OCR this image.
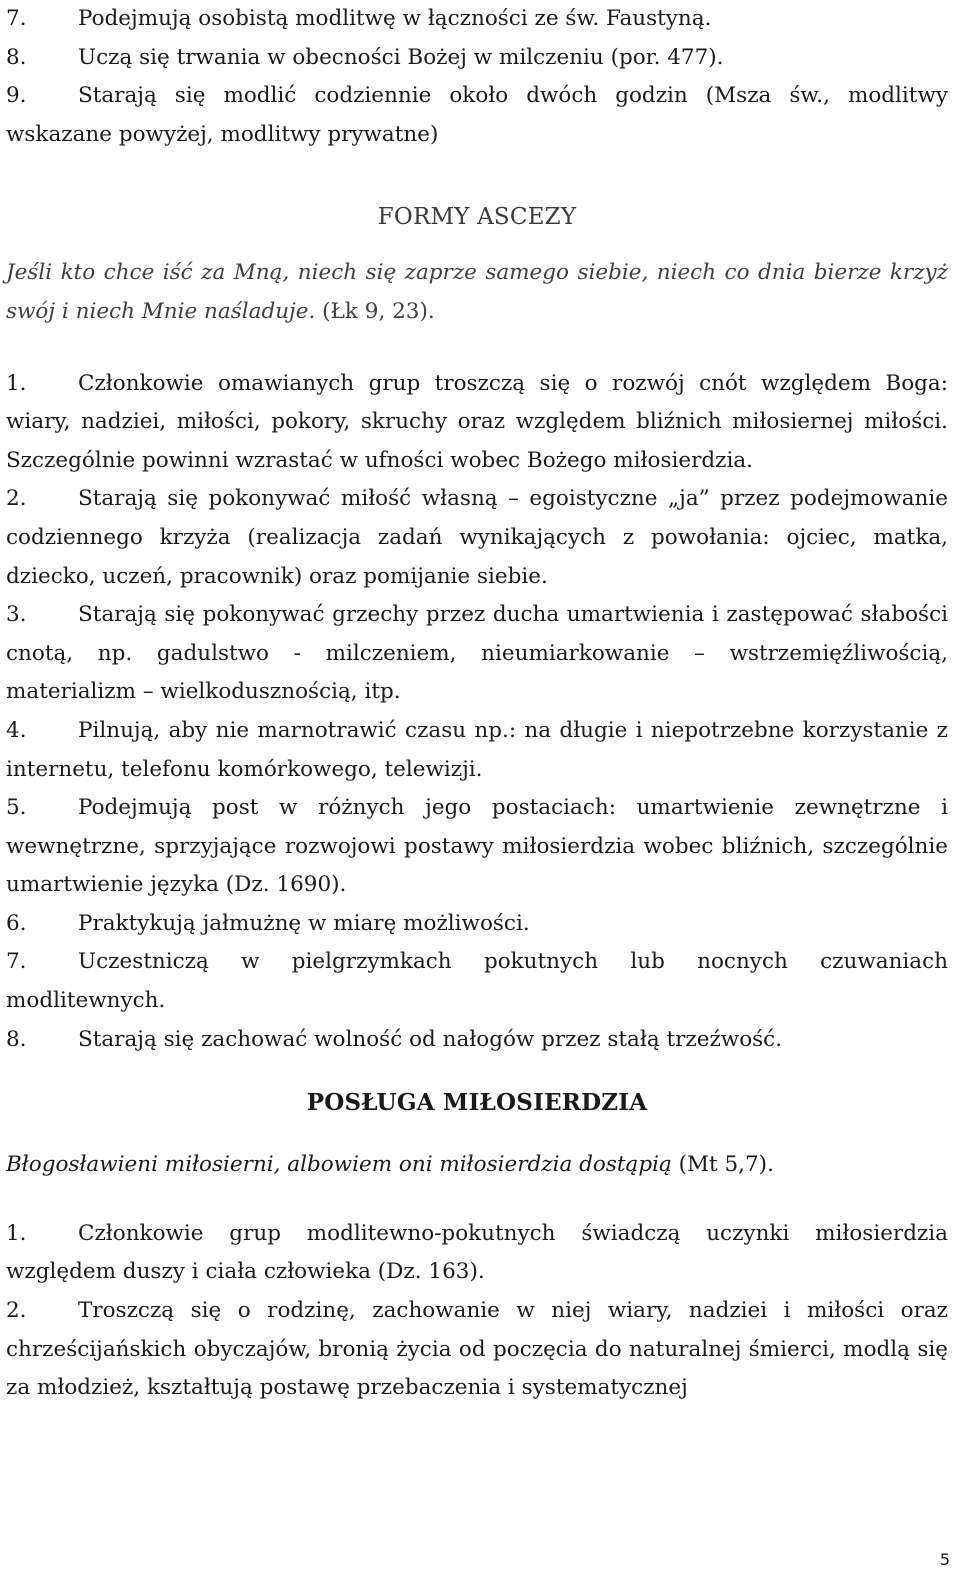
7. Podejmują osobistą modlitwę w łączności ze św. Faustyną.

8. Uczą się trwania w obecności Bożej w milczeniu (por. 477).

9. Starają się modlić codziennie około dwóch godzin (Msza św., modlitwy wskazane powyżej, modlitwy prywatne)

FORMY ASCEZY

Jeśli kto chce iść za Mną, niech się zaprze samego siebie, niech co dnia bierze krzyż swój i niech Mnie naśladuje. (Łk 9, 23).

1. Członkowie omawianych grup troszczą się o rozwój cnót względem Boga: wiary, nadziei, miłości, pokory, skruchy oraz względem bliźnich miłosiernej miłości. Szczególnie powinni wzrastać w ufności wobec Bożego miłosierdzia.

2. Starają się pokonywać miłość własną – egoistyczne „ja” przez podejmowanie codziennego krzyża (realizacja zadań wynikających z powołania: ojciec, matka, dziecko, uczeń, pracownik) oraz pomijanie siebie.

3. Starają się pokonywać grzechy przez ducha umartwienia i zastępować słabości cnotą, np. gadulstwo - milczeniem, nieumiarkowanie – wstrzemięźliwością, materializm – wielkodusznością, itp.

4. Pilnują, aby nie marnotrawić czasu np.: na długie i niepotrzebne korzystanie z internetu, telefonu komórkowego, telewizji.

5. Podejmują post w różnych jego postaciach: umartwienie zewnętrzne i wewnętrzne, sprzyjające rozwojowi postawy miłosierdzia wobec bliźnich, szczególnie umartwienie języka (Dz. 1690).

6. Praktykują jałmużnę w miarę możliwości.

7. Uczestniczą w pielgrzymkach pokutnych lub nocnych czuwaniach modlitewnych.

8. Starają się zachować wolność od nałogów przez stałą trzeźwość.

POSŁUGA MIŁOSIERDZIA

Błogosławieni miłosierni, albowiem oni miłosierdzia dostąpią (Mt 5,7).

1. Członkowie grup modlitewno-pokutnych świadczą uczynki miłosierdzia względem duszy i ciała człowieka (Dz. 163).

2. Troszczą się o rodzinę, zachowanie w niej wiary, nadziei i miłości oraz chrześcijańskich obyczajów, bronią życia od poczęcia do naturalnej śmierci, modlą się za młodzież, kształtują postawę przebaczenia i systematycznej

5
